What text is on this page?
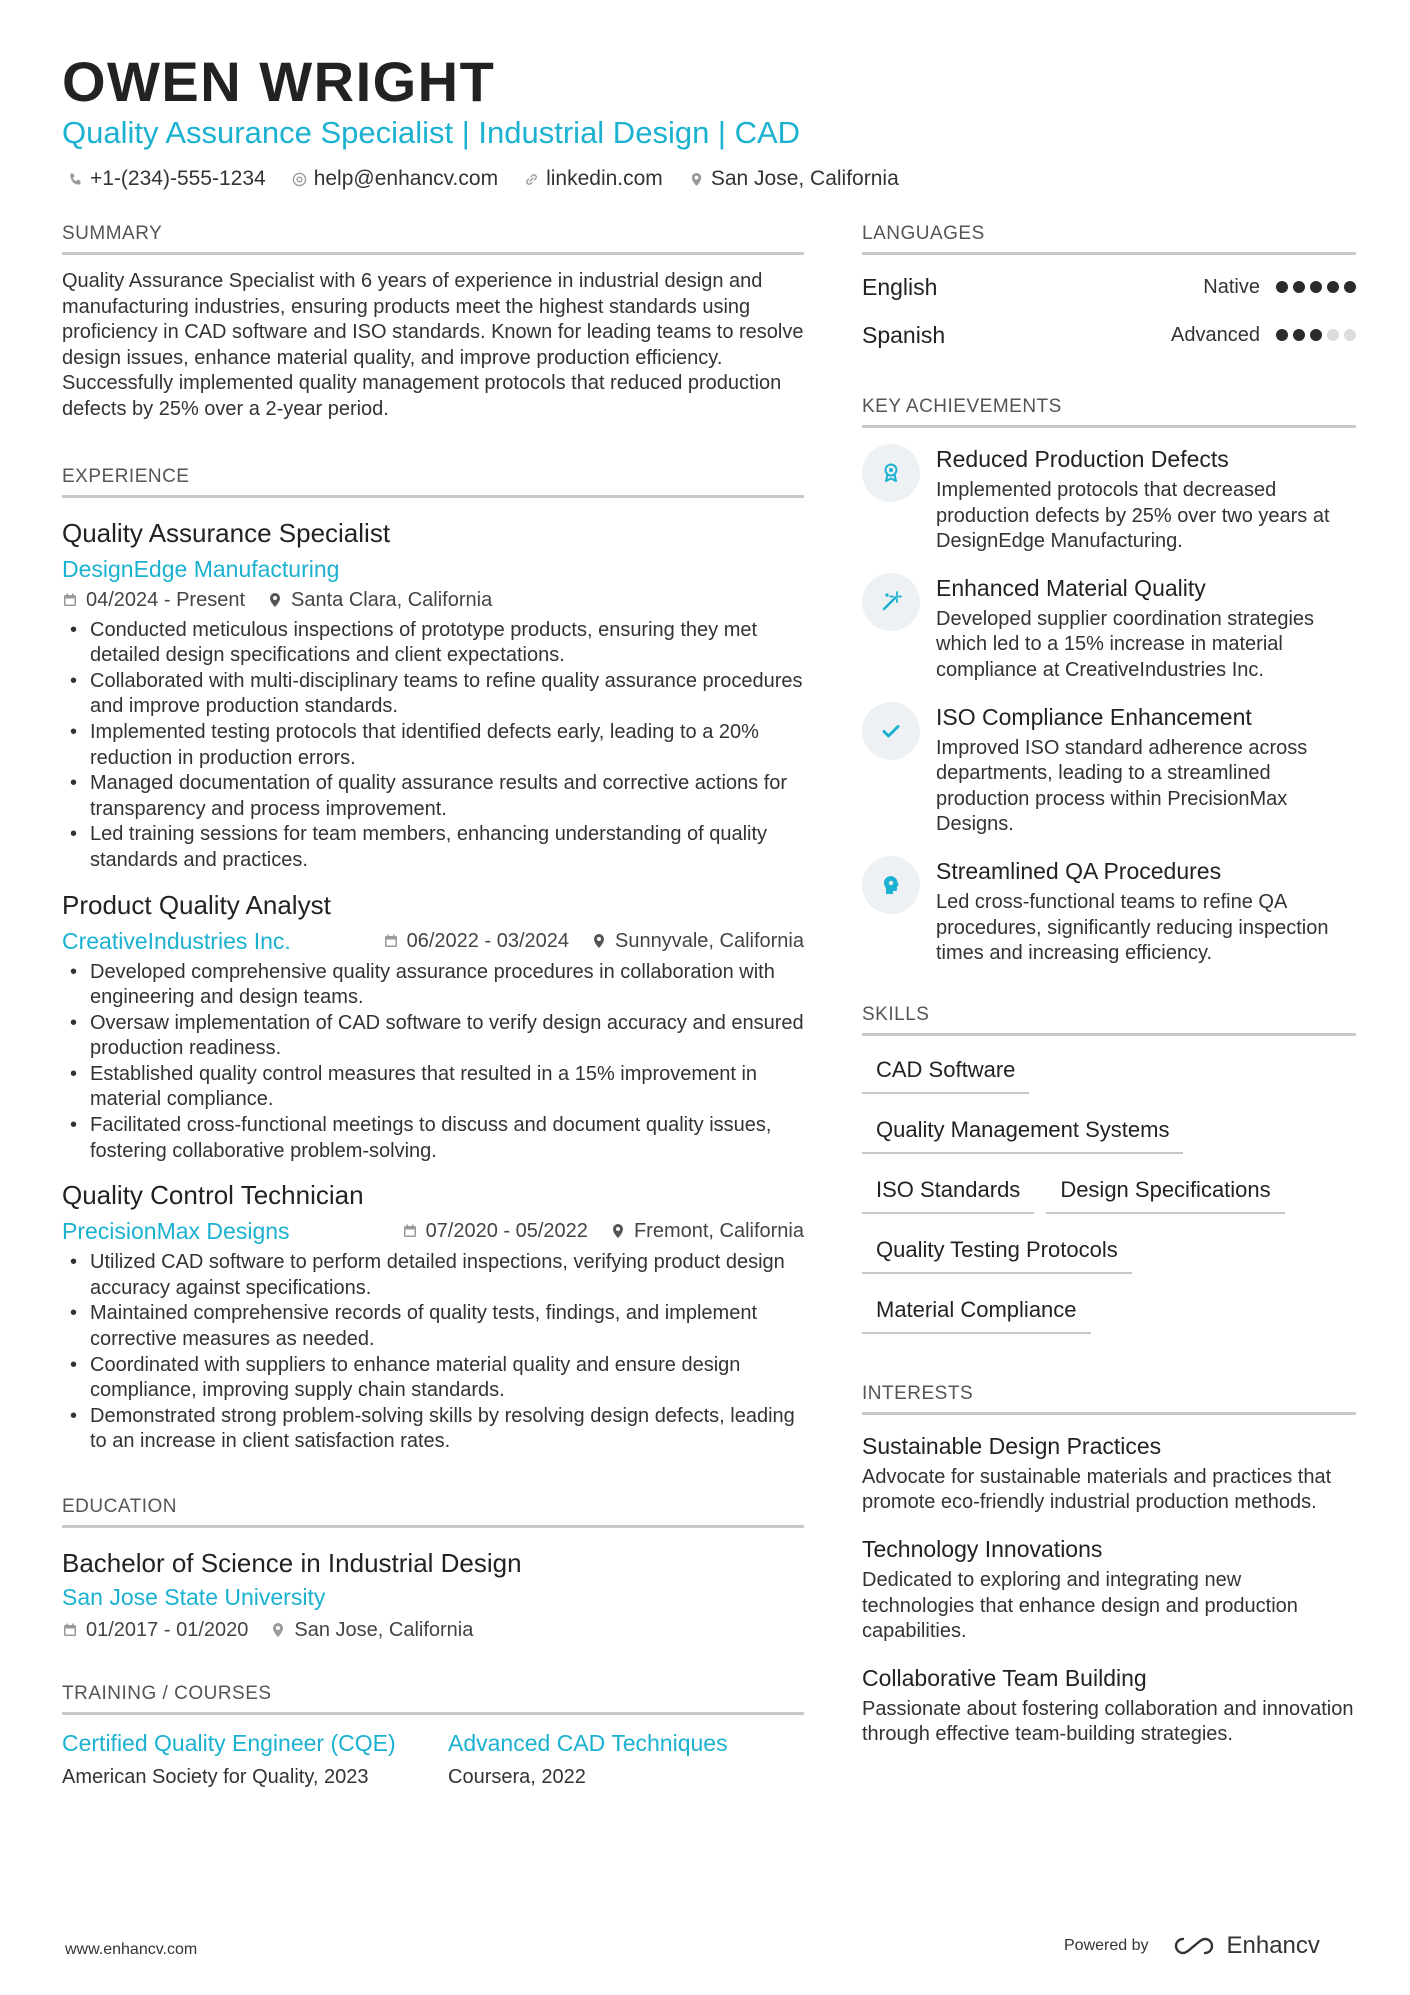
OWEN WRIGHT
Quality Assurance Specialist | Industrial Design | CAD
+1-(234)-555-1234 help@enhancv.com linkedin.com San Jose, California
SUMMARY
Quality Assurance Specialist with 6 years of experience in industrial design and manufacturing industries, ensuring products meet the highest standards using proficiency in CAD software and ISO standards. Known for leading teams to resolve design issues, enhance material quality, and improve production efficiency. Successfully implemented quality management protocols that reduced production defects by 25% over a 2-year period.
EXPERIENCE
Quality Assurance Specialist
DesignEdge Manufacturing
04/2024 - Present Santa Clara, California
• Conducted meticulous inspections of prototype products, ensuring they met detailed design specifications and client expectations.
• Collaborated with multi-disciplinary teams to refine quality assurance procedures and improve production standards.
• Implemented testing protocols that identified defects early, leading to a 20% reduction in production errors.
• Managed documentation of quality assurance results and corrective actions for transparency and process improvement.
• Led training sessions for team members, enhancing understanding of quality standards and practices.
Product Quality Analyst
CreativeIndustries Inc.	06/2022 - 03/2024 Sunnyvale, California
• Developed comprehensive quality assurance procedures in collaboration with engineering and design teams.
• Oversaw implementation of CAD software to verify design accuracy and ensured production readiness.
• Established quality control measures that resulted in a 15% improvement in material compliance.
• Facilitated cross-functional meetings to discuss and document quality issues, fostering collaborative problem-solving.
Quality Control Technician
PrecisionMax Designs	07/2020 - 05/2022 Fremont, California
• Utilized CAD software to perform detailed inspections, verifying product design accuracy against specifications.
• Maintained comprehensive records of quality tests, findings, and implement corrective measures as needed.
• Coordinated with suppliers to enhance material quality and ensure design compliance, improving supply chain standards.
• Demonstrated strong problem-solving skills by resolving design defects, leading to an increase in client satisfaction rates.
EDUCATION
Bachelor of Science in Industrial Design
San Jose State University
01/2017 - 01/2020 San Jose, California
TRAINING / COURSES
Certified Quality Engineer (CQE)
American Society for Quality, 2023
Advanced CAD Techniques
Coursera, 2022
LANGUAGES
English	Native
Spanish	Advanced
KEY ACHIEVEMENTS
Reduced Production Defects
Implemented protocols that decreased production defects by 25% over two years at DesignEdge Manufacturing.
Enhanced Material Quality
Developed supplier coordination strategies which led to a 15% increase in material compliance at CreativeIndustries Inc.
ISO Compliance Enhancement
Improved ISO standard adherence across departments, leading to a streamlined production process within PrecisionMax Designs.
Streamlined QA Procedures
Led cross-functional teams to refine QA procedures, significantly reducing inspection times and increasing efficiency.
SKILLS
CAD Software
Quality Management Systems
ISO Standards	Design Specifications
Quality Testing Protocols
Material Compliance
INTERESTS
Sustainable Design Practices
Advocate for sustainable materials and practices that promote eco-friendly industrial production methods.
Technology Innovations
Dedicated to exploring and integrating new technologies that enhance design and production capabilities.
Collaborative Team Building
Passionate about fostering collaboration and innovation through effective team-building strategies.
www.enhancv.com	Powered by	Enhancv
